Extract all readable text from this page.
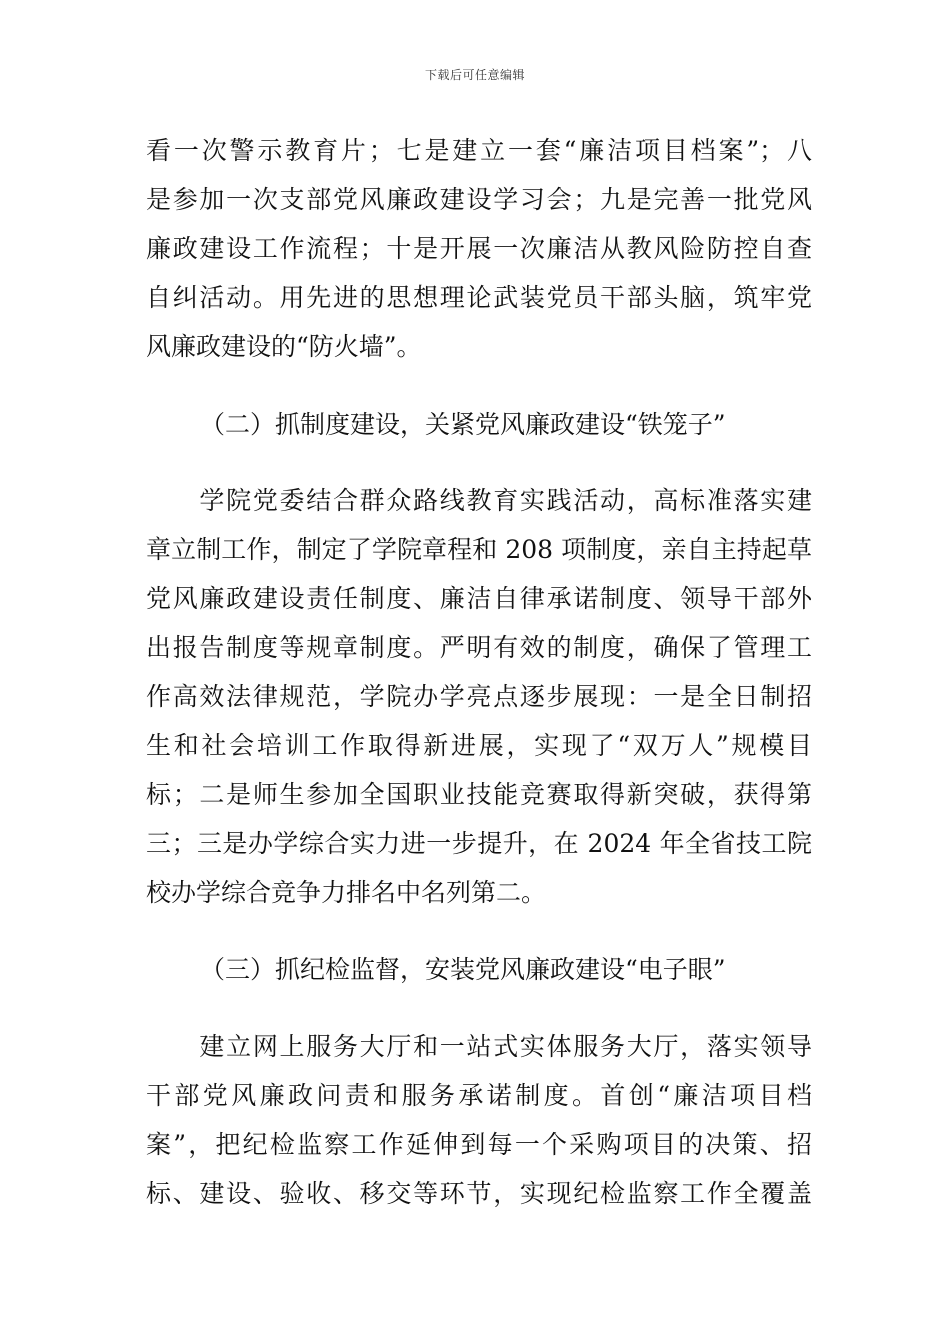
下载后可任意编辑
看一次警示教育片；七是建立一套“廉洁项目档案”；八
是参加一次支部党风廉政建设学习会；九是完善一批党风
廉政建设工作流程；十是开展一次廉洁从教风险防控自查
自纠活动。用先进的思想理论武装党员干部头脑，筑牢党
风廉政建设的“防火墙”。
（二）抓制度建设，关紧党风廉政建设“铁笼子”
　　学院党委结合群众路线教育实践活动，高标准落实建
章立制工作，制定了学院章程和 208 项制度，亲自主持起草
党风廉政建设责任制度、廉洁自律承诺制度、领导干部外
出报告制度等规章制度。严明有效的制度，确保了管理工
作高效法律规范，学院办学亮点逐步展现：一是全日制招
生和社会培训工作取得新进展，实现了“双万人”规模目
标；二是师生参加全国职业技能竞赛取得新突破，获得第
三；三是办学综合实力进一步提升，在 2024 年全省技工院
校办学综合竞争力排名中名列第二。
（三）抓纪检监督，安装党风廉政建设“电子眼”
　　建立网上服务大厅和一站式实体服务大厅，落实领导
干部党风廉政问责和服务承诺制度。首创“廉洁项目档
案”，把纪检监察工作延伸到每一个采购项目的决策、招
标、建设、验收、移交等环节，实现纪检监察工作全覆盖
